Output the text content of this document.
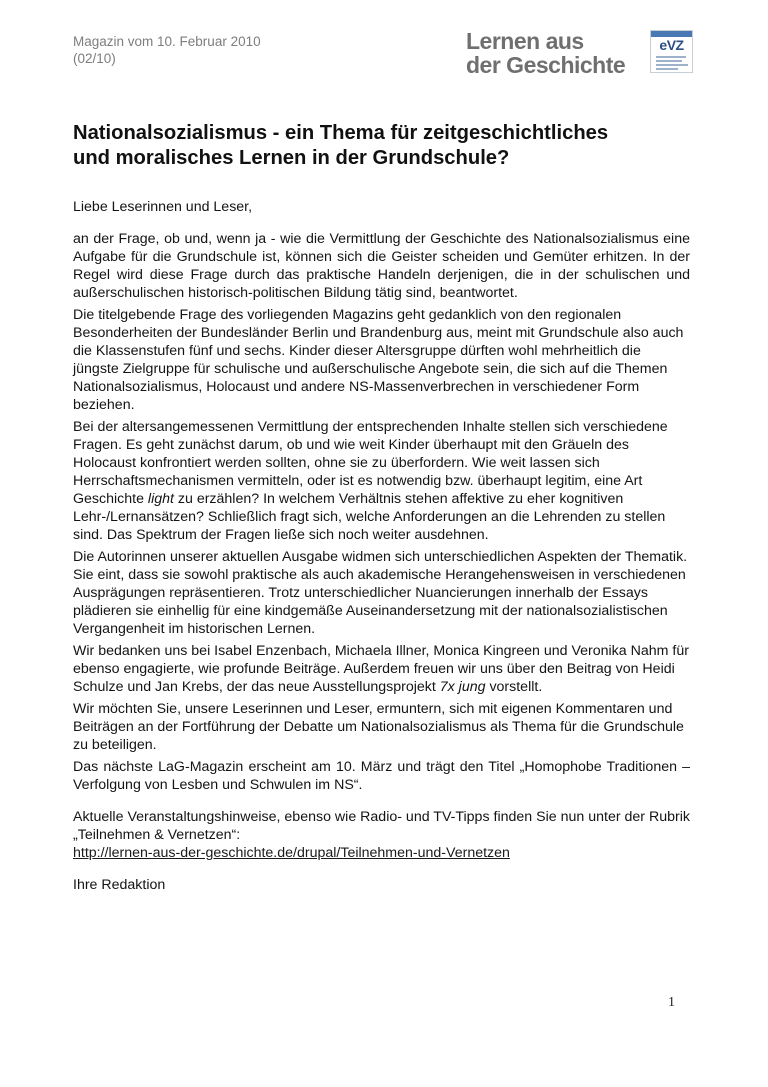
Magazin vom 10. Februar 2010
(02/10)
Lernen aus
der Geschichte
eVZ
Nationalsozialismus - ein Thema für zeitgeschichtliches
und moralisches Lernen in der Grundschule?

Liebe Leserinnen und Leser,

an der Frage, ob und, wenn ja - wie die Vermittlung der Geschichte des Nationalsozialismus eine Aufgabe für die Grundschule ist, können sich die Geister scheiden und Gemüter erhitzen. In der Regel wird diese Frage durch das praktische Handeln derjenigen, die in der schulischen und außerschulischen historisch-politischen Bildung tätig sind, beantwortet.

Die titelgebende Frage des vorliegenden Magazins geht gedanklich von den regionalen Besonderheiten der Bundesländer Berlin und Brandenburg aus, meint mit Grundschule also auch die Klassenstufen fünf und sechs. Kinder dieser Altersgruppe dürften wohl mehrheitlich die jüngste Zielgruppe für schulische und außerschulische Angebote sein, die sich auf die Themen Nationalsozialismus, Holocaust und andere NS-Massenverbrechen in verschiedener Form beziehen.

Bei der altersangemessenen Vermittlung der entsprechenden Inhalte stellen sich verschiedene Fragen. Es geht zunächst darum, ob und wie weit Kinder überhaupt mit den Gräueln des Holocaust konfrontiert werden sollten, ohne sie zu überfordern. Wie weit lassen sich Herrschaftsmechanismen vermitteln, oder ist es notwendig bzw. überhaupt legitim, eine Art Geschichte light zu erzählen? In welchem Verhältnis stehen affektive zu eher kognitiven Lehr-/Lernansätzen? Schließlich fragt sich, welche Anforderungen an die Lehrenden zu stellen sind. Das Spektrum der Fragen ließe sich noch weiter ausdehnen.

Die Autorinnen unserer aktuellen Ausgabe widmen sich unterschiedlichen Aspekten der Thematik. Sie eint, dass sie sowohl praktische als auch akademische Herangehensweisen in verschiedenen Ausprägungen repräsentieren. Trotz unterschiedlicher Nuancierungen innerhalb der Essays plädieren sie einhellig für eine kindgemäße Auseinandersetzung mit der nationalsozialistischen Vergangenheit im historischen Lernen.

Wir bedanken uns bei Isabel Enzenbach, Michaela Illner, Monica Kingreen und Veronika Nahm für ebenso engagierte, wie profunde Beiträge. Außerdem freuen wir uns über den Beitrag von Heidi Schulze und Jan Krebs, der das neue Ausstellungsprojekt 7x jung vorstellt.

Wir möchten Sie, unsere Leserinnen und Leser, ermuntern, sich mit eigenen Kommentaren und Beiträgen an der Fortführung der Debatte um Nationalsozialismus als Thema für die Grundschule zu beteiligen.

Das nächste LaG-Magazin erscheint am 10. März und trägt den Titel „Homophobe Traditionen – Verfolgung von Lesben und Schwulen im NS“.

Aktuelle Veranstaltungshinweise, ebenso wie Radio- und TV-Tipps finden Sie nun unter der Rubrik „Teilnehmen & Vernetzen“:

http://lernen-aus-der-geschichte.de/drupal/Teilnehmen-und-Vernetzen

Ihre Redaktion

1
